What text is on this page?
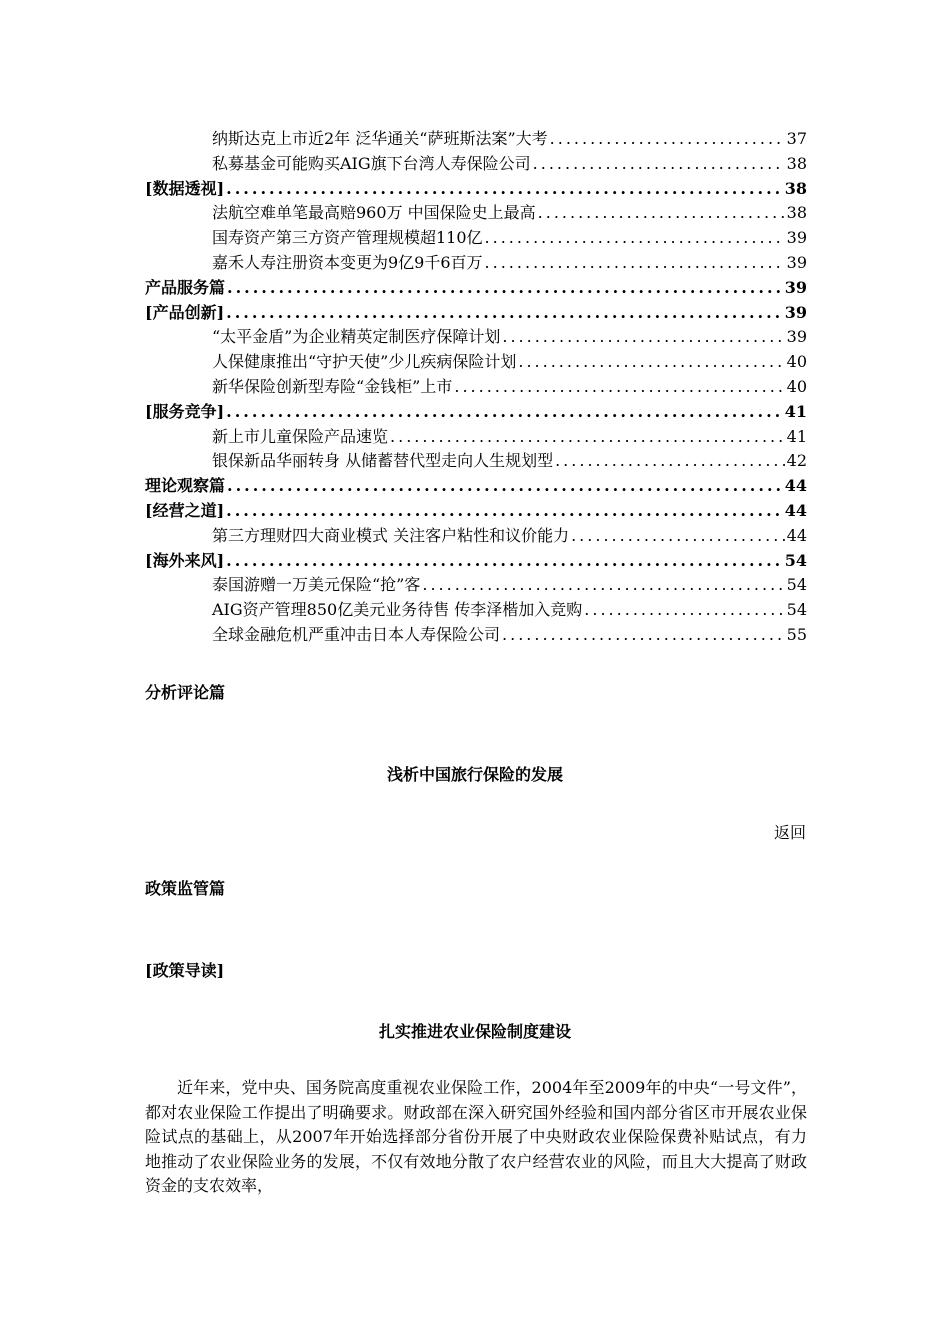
纳斯达克上市近2年 泛华通关“萨班斯法案”大考 .....	37
私募基金可能购买AIG旗下台湾人寿保险公司 .....	38
[数据透视] .....	38
法航空难单笔最高赔960万 中国保险史上最高 .....	38
国寿资产第三方资产管理规模超110亿 .....	39
嘉禾人寿注册资本变更为9亿9千6百万 .....	39
产品服务篇 .....	39
[产品创新] .....	39
“太平金盾”为企业精英定制医疗保障计划 .....	39
人保健康推出“守护天使”少儿疾病保险计划 .....	40
新华保险创新型寿险“金钱柜”上市 .....	40
[服务竞争] .....	41
新上市儿童保险产品速览 .....	41
银保新品华丽转身 从储蓄替代型走向人生规划型 .....	42
理论观察篇 .....	44
[经营之道] .....	44
第三方理财四大商业模式 关注客户粘性和议价能力 .....	44
[海外来风] .....	54
泰国游赠一万美元保险“抢”客 .....	54
AIG资产管理850亿美元业务待售 传李泽楷加入竞购 .....	54
全球金融危机严重冲击日本人寿保险公司 .....	55
分析评论篇
浅析中国旅行保险的发展
返回
政策监管篇
[政策导读]
扎实推进农业保险制度建设

近年来，党中央、国务院高度重视农业保险工作，2004年至2009年的中央“一号文件”，都对农业保险工作提出了明确要求。财政部在深入研究国外经验和国内部分省区市开展农业保险试点的基础上，从2007年开始选择部分省份开展了中央财政农业保险保费补贴试点，有力地推动了农业保险业务的发展，不仅有效地分散了农户经营农业的风险，而且大大提高了财政资金的支农效率，
